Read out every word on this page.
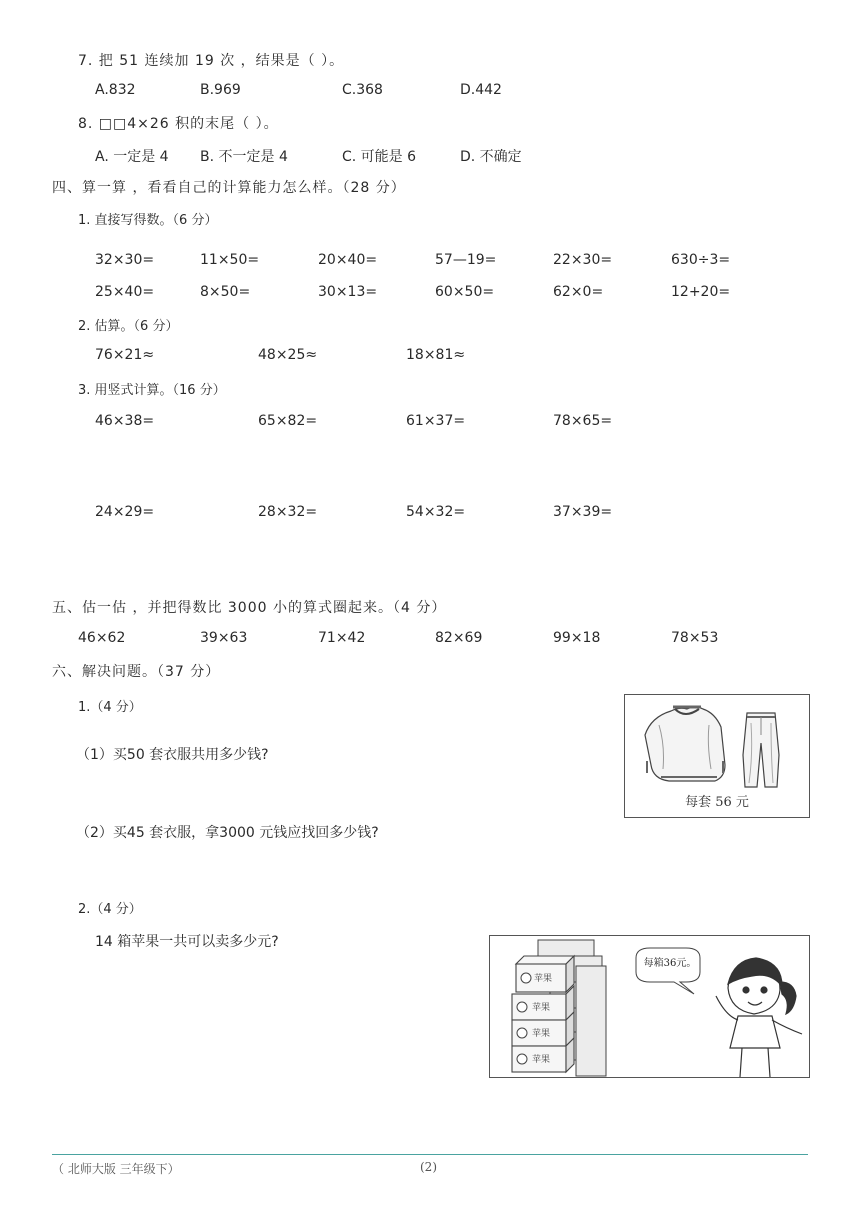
7. 把 51 连续加 19 次 ，结果是（ ）。
A.832	B.969	C.368	D.442
8. □□4×26 积的末尾（ ）。
A. 一定是 4 B. 不一定是 4	C. 可能是 6	D. 不确定
四、算一算 ，看看自己的计算能力怎么样。（28 分）
1. 直接写得数。（6 分）
32×30=	11×50=	20×40=	57—19=	22×30=	630÷3=
25×40=	8×50=	30×13=	60×50=	62×0=	12+20=
2. 估算。（6 分）
76×21≈	48×25≈	18×81≈
3. 用竖式计算。（16 分）
46×38=	65×82=	61×37=	78×65=
24×29=	28×32=	54×32=	37×39=
五、估一估 ，并把得数比 3000 小的算式圈起来。（4 分）
46×62	39×63	71×42	82×69	99×18	78×53
六、解决问题。（37 分）
1.（4 分）
（1）买50 套衣服共用多少钱?
（2）买45 套衣服，拿3000 元钱应找回多少钱?
每套 56 元
2.（4 分）
14 箱苹果一共可以卖多少元?
苹果
苹果
苹果
苹果
每箱36元。
（ 北师大版 三年级下）	(2)
